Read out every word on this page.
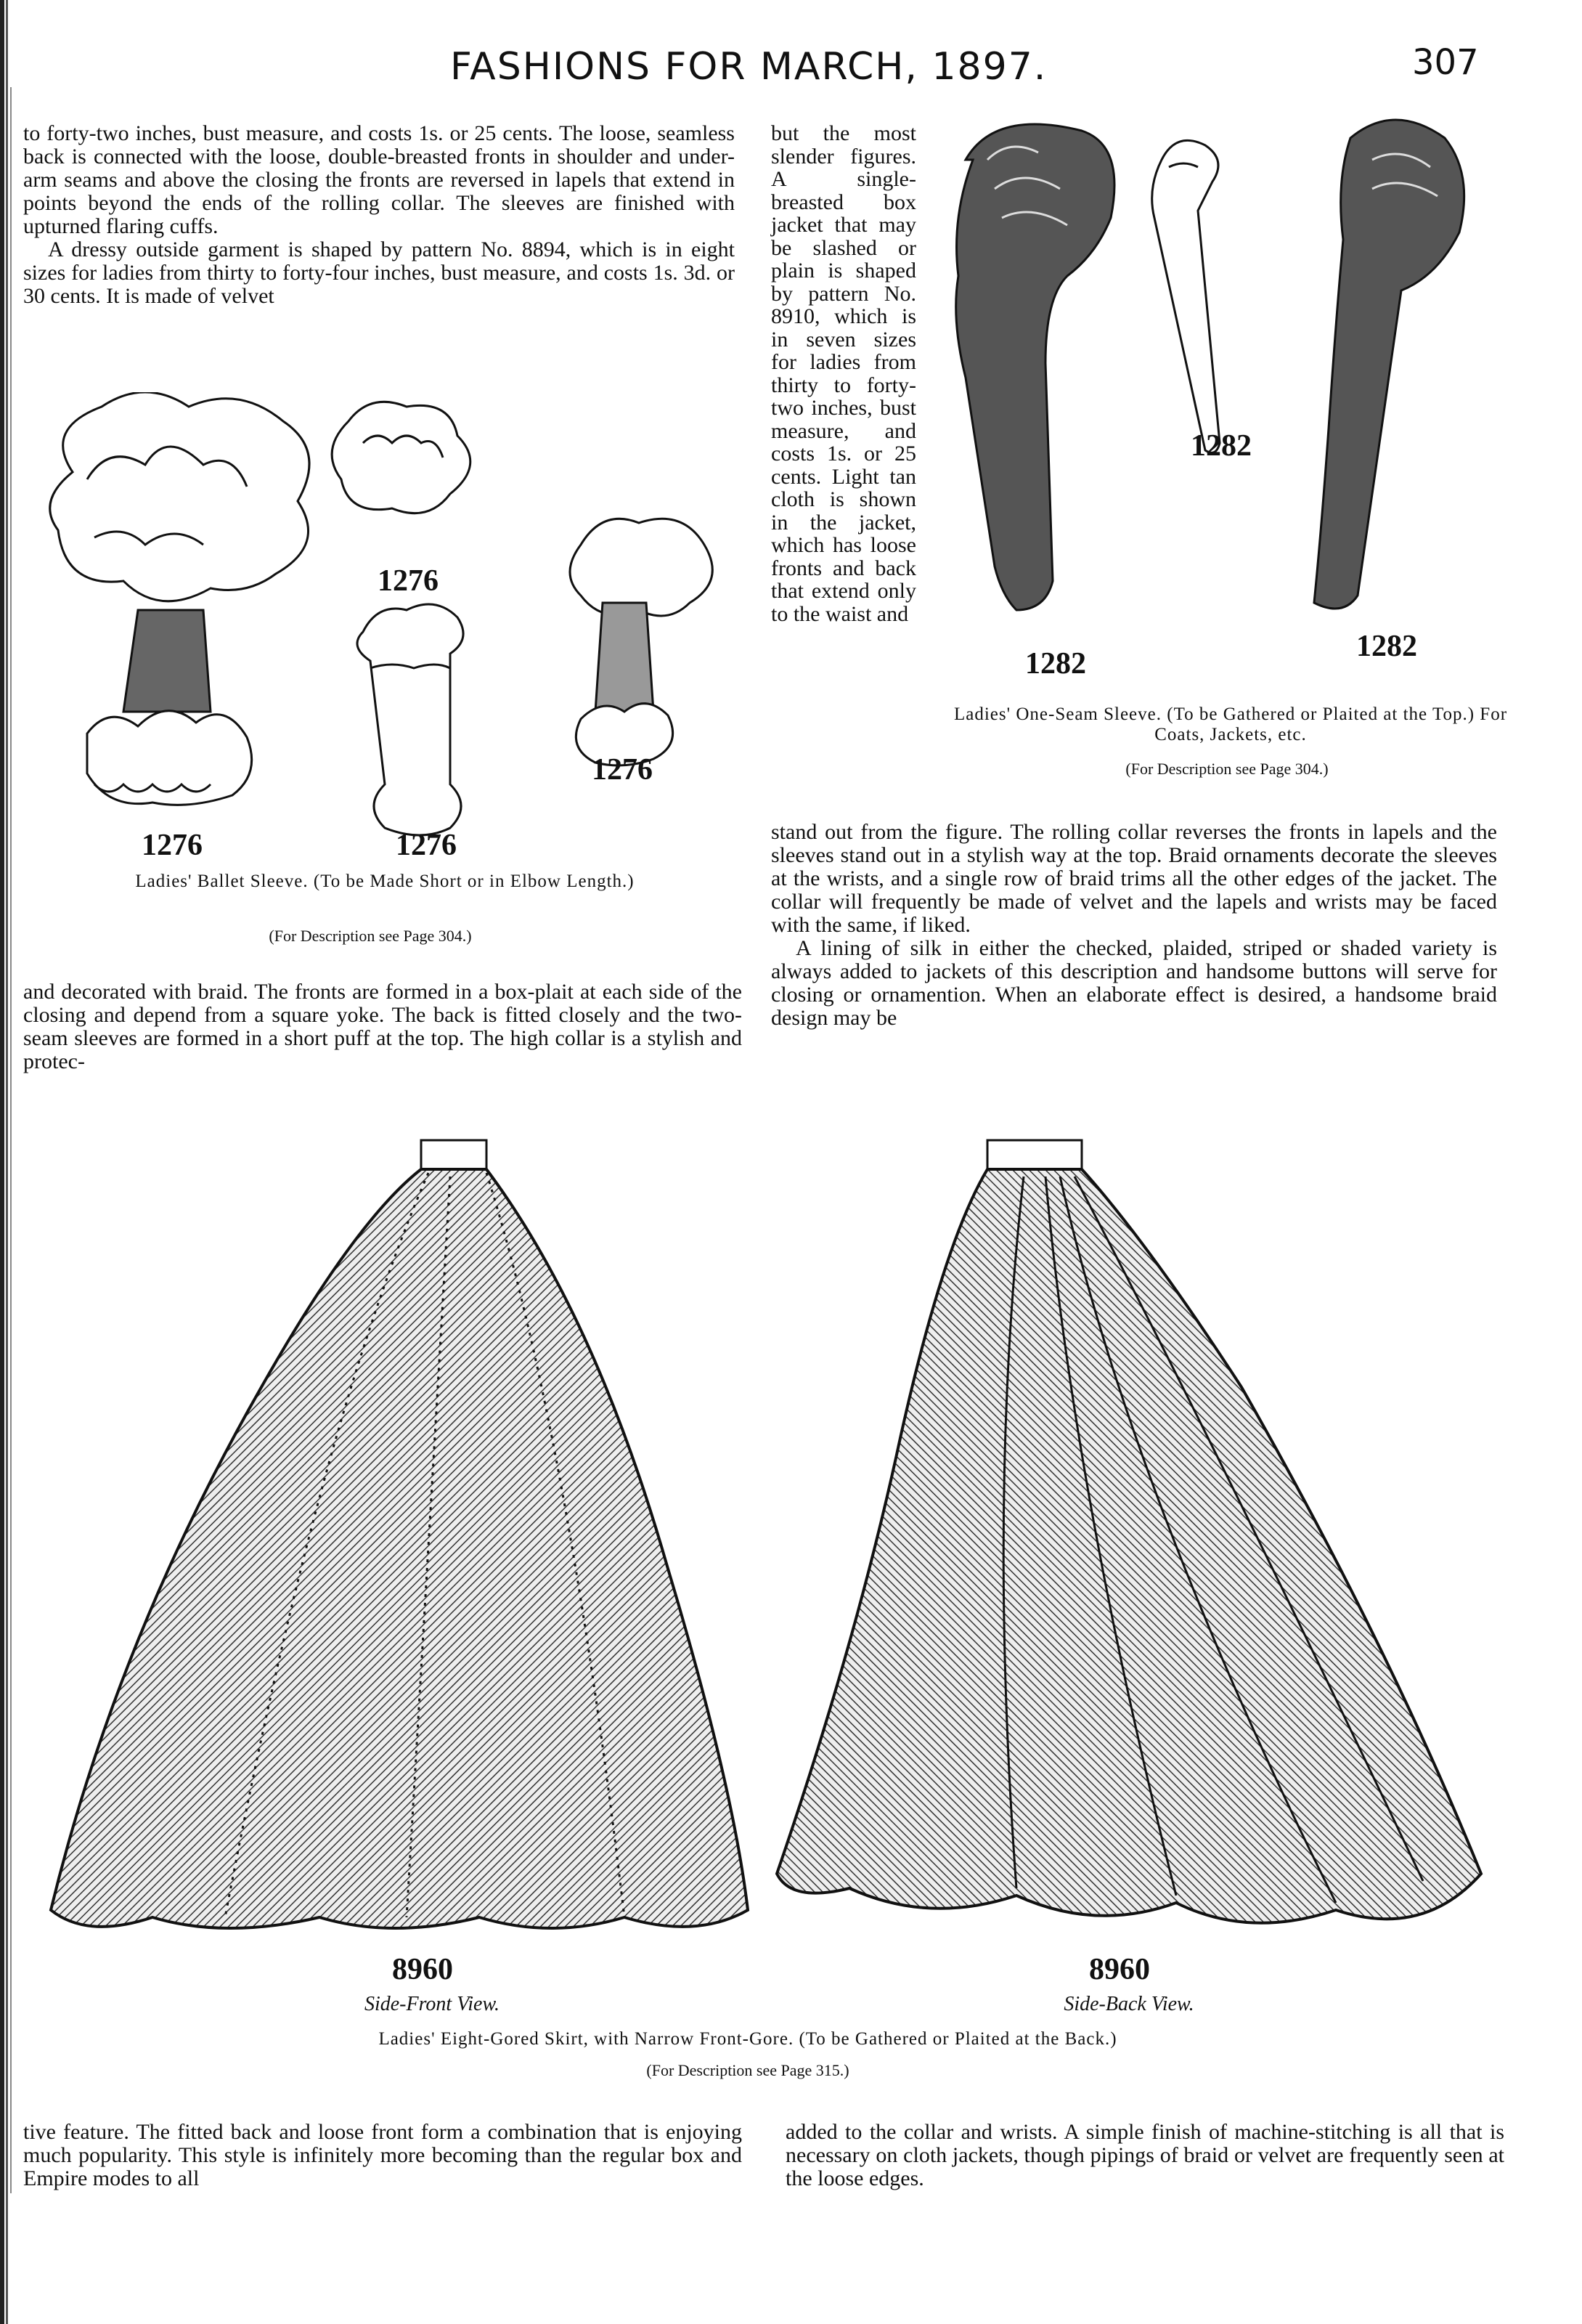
FASHIONS FOR MARCH, 1897.	307

to forty-two inches, bust measure, and costs 1s. or 25 cents. The loose, seamless back is connected with the loose, double-breasted fronts in shoulder and under-arm seams and above the closing the fronts are reversed in lapels that extend in points beyond the ends of the rolling collar. The sleeves are finished with upturned flaring cuffs.

A dressy outside garment is shaped by pattern No. 8894, which is in eight sizes for ladies from thirty to forty-four inches, bust measure, and costs 1s. 3d. or 30 cents. It is made of velvet

but the most slender figures. A single-breasted box jacket that may be slashed or plain is shaped by pattern No. 8910, which is in seven sizes for ladies from thirty to forty-two inches, bust measure, and costs 1s. or 25 cents. Light tan cloth is shown in the jacket, which has loose fronts and back that extend only to the waist and
1276
1276
1276	1276
Ladies' Ballet Sleeve. (To be Made Short or in Elbow Length.)
(For Description see Page 304.)
1282
1282
1282
Ladies' One-Seam Sleeve. (To be Gathered or Plaited at the Top.) For Coats, Jackets, etc.
(For Description see Page 304.)
and decorated with braid. The fronts are formed in a box-plait at each side of the closing and depend from a square yoke. The back is fitted closely and the two-seam sleeves are formed in a short puff at the top. The high collar is a stylish and protec-

stand out from the figure. The rolling collar reverses the fronts in lapels and the sleeves stand out in a stylish way at the top. Braid ornaments decorate the sleeves at the wrists, and a single row of braid trims all the other edges of the jacket. The collar will frequently be made of velvet and the lapels and wrists may be faced with the same, if liked.

A lining of silk in either the checked, plaided, striped or shaded variety is always added to jackets of this description and handsome buttons will serve for closing or ornamention. When an elaborate effect is desired, a handsome braid design may be

8960
Side-Front View.
8960
Side-Back View.
Ladies' Eight-Gored Skirt, with Narrow Front-Gore. (To be Gathered or Plaited at the Back.)
(For Description see Page 315.)
tive feature. The fitted back and loose front form a combination that is enjoying much popularity. This style is infinitely more becoming than the regular box and Empire modes to all
added to the collar and wrists. A simple finish of machine-stitching is all that is necessary on cloth jackets, though pipings of braid or velvet are frequently seen at the loose edges.
